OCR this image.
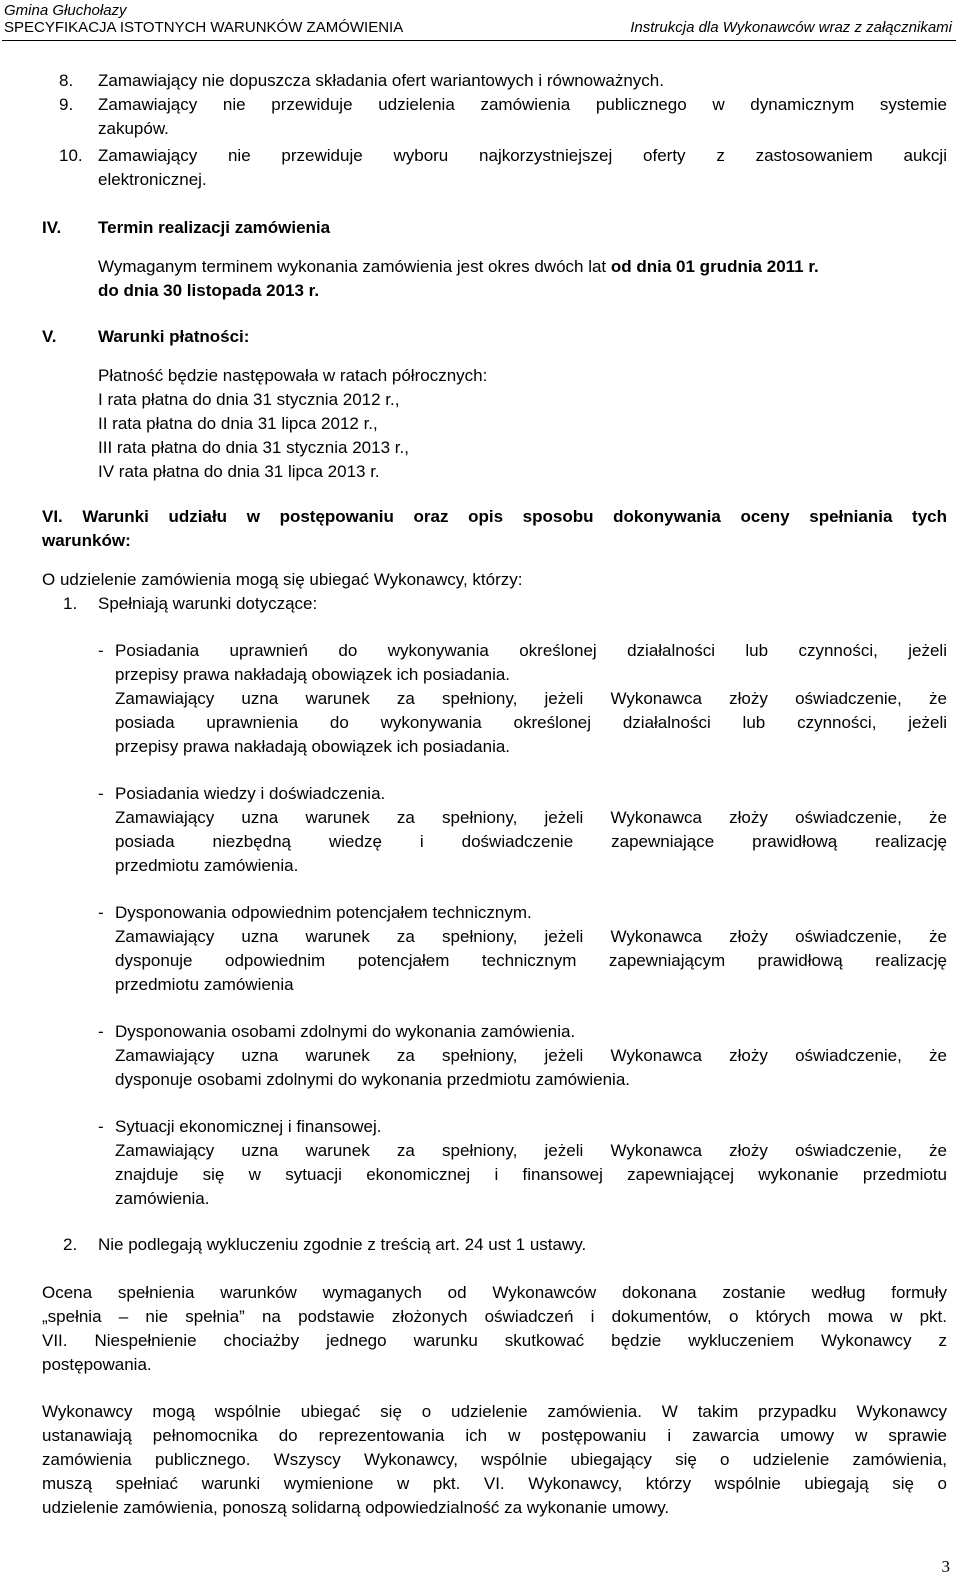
Gmina Głuchołazy
SPECYFIKACJA ISTOTNYCH WARUNKÓW ZAMÓWIENIA	Instrukcja dla Wykonawców wraz z załącznikami
8. Zamawiający nie dopuszcza składania ofert wariantowych i równoważnych.
9. Zamawiający nie przewiduje udzielenia zamówienia publicznego w dynamicznym systemie
zakupów.
10. Zamawiający nie przewiduje wyboru najkorzystniejszej oferty z zastosowaniem aukcji
elektronicznej.
IV. Termin realizacji zamówienia
Wymaganym terminem wykonania zamówienia jest okres dwóch lat od dnia 01 grudnia 2011 r.
do dnia 30 listopada 2013 r.
V. Warunki płatności:
Płatność będzie następowała w ratach półrocznych:
I rata płatna do dnia 31 stycznia 2012 r.,
II rata płatna do dnia 31 lipca 2012 r.,
III rata płatna do dnia 31 stycznia 2013 r.,
IV rata płatna do dnia 31 lipca 2013 r.
VI. Warunki udziału w postępowaniu oraz opis sposobu dokonywania oceny spełniania tych
warunków:
O udzielenie zamówienia mogą się ubiegać Wykonawcy, którzy:
1. Spełniają warunki dotyczące:
- Posiadania uprawnień do wykonywania określonej działalności lub czynności, jeżeli
przepisy prawa nakładają obowiązek ich posiadania.
Zamawiający uzna warunek za spełniony, jeżeli Wykonawca złoży oświadczenie, że
posiada uprawnienia do wykonywania określonej działalności lub czynności, jeżeli
przepisy prawa nakładają obowiązek ich posiadania.
- Posiadania wiedzy i doświadczenia.
Zamawiający uzna warunek za spełniony, jeżeli Wykonawca złoży oświadczenie, że
posiada niezbędną wiedzę i doświadczenie zapewniające prawidłową realizację
przedmiotu zamówienia.
- Dysponowania odpowiednim potencjałem technicznym.
Zamawiający uzna warunek za spełniony, jeżeli Wykonawca złoży oświadczenie, że
dysponuje odpowiednim potencjałem technicznym zapewniającym prawidłową realizację
przedmiotu zamówienia
- Dysponowania osobami zdolnymi do wykonania zamówienia.
Zamawiający uzna warunek za spełniony, jeżeli Wykonawca złoży oświadczenie, że
dysponuje osobami zdolnymi do wykonania przedmiotu zamówienia.
- Sytuacji ekonomicznej i finansowej.
Zamawiający uzna warunek za spełniony, jeżeli Wykonawca złoży oświadczenie, że
znajduje się w sytuacji ekonomicznej i finansowej zapewniającej wykonanie przedmiotu
zamówienia.
2. Nie podlegają wykluczeniu zgodnie z treścią art. 24 ust 1 ustawy.
Ocena spełnienia warunków wymaganych od Wykonawców dokonana zostanie według formuły
„spełnia – nie spełnia” na podstawie złożonych oświadczeń i dokumentów, o których mowa w pkt.
VII. Niespełnienie chociażby jednego warunku skutkować będzie wykluczeniem Wykonawcy z
postępowania.
Wykonawcy mogą wspólnie ubiegać się o udzielenie zamówienia. W takim przypadku Wykonawcy
ustanawiają pełnomocnika do reprezentowania ich w postępowaniu i zawarcia umowy w sprawie
zamówienia publicznego. Wszyscy Wykonawcy, wspólnie ubiegający się o udzielenie zamówienia,
muszą spełniać warunki wymienione w pkt. VI. Wykonawcy, którzy wspólnie ubiegają się o
udzielenie zamówienia, ponoszą solidarną odpowiedzialność za wykonanie umowy.
3
